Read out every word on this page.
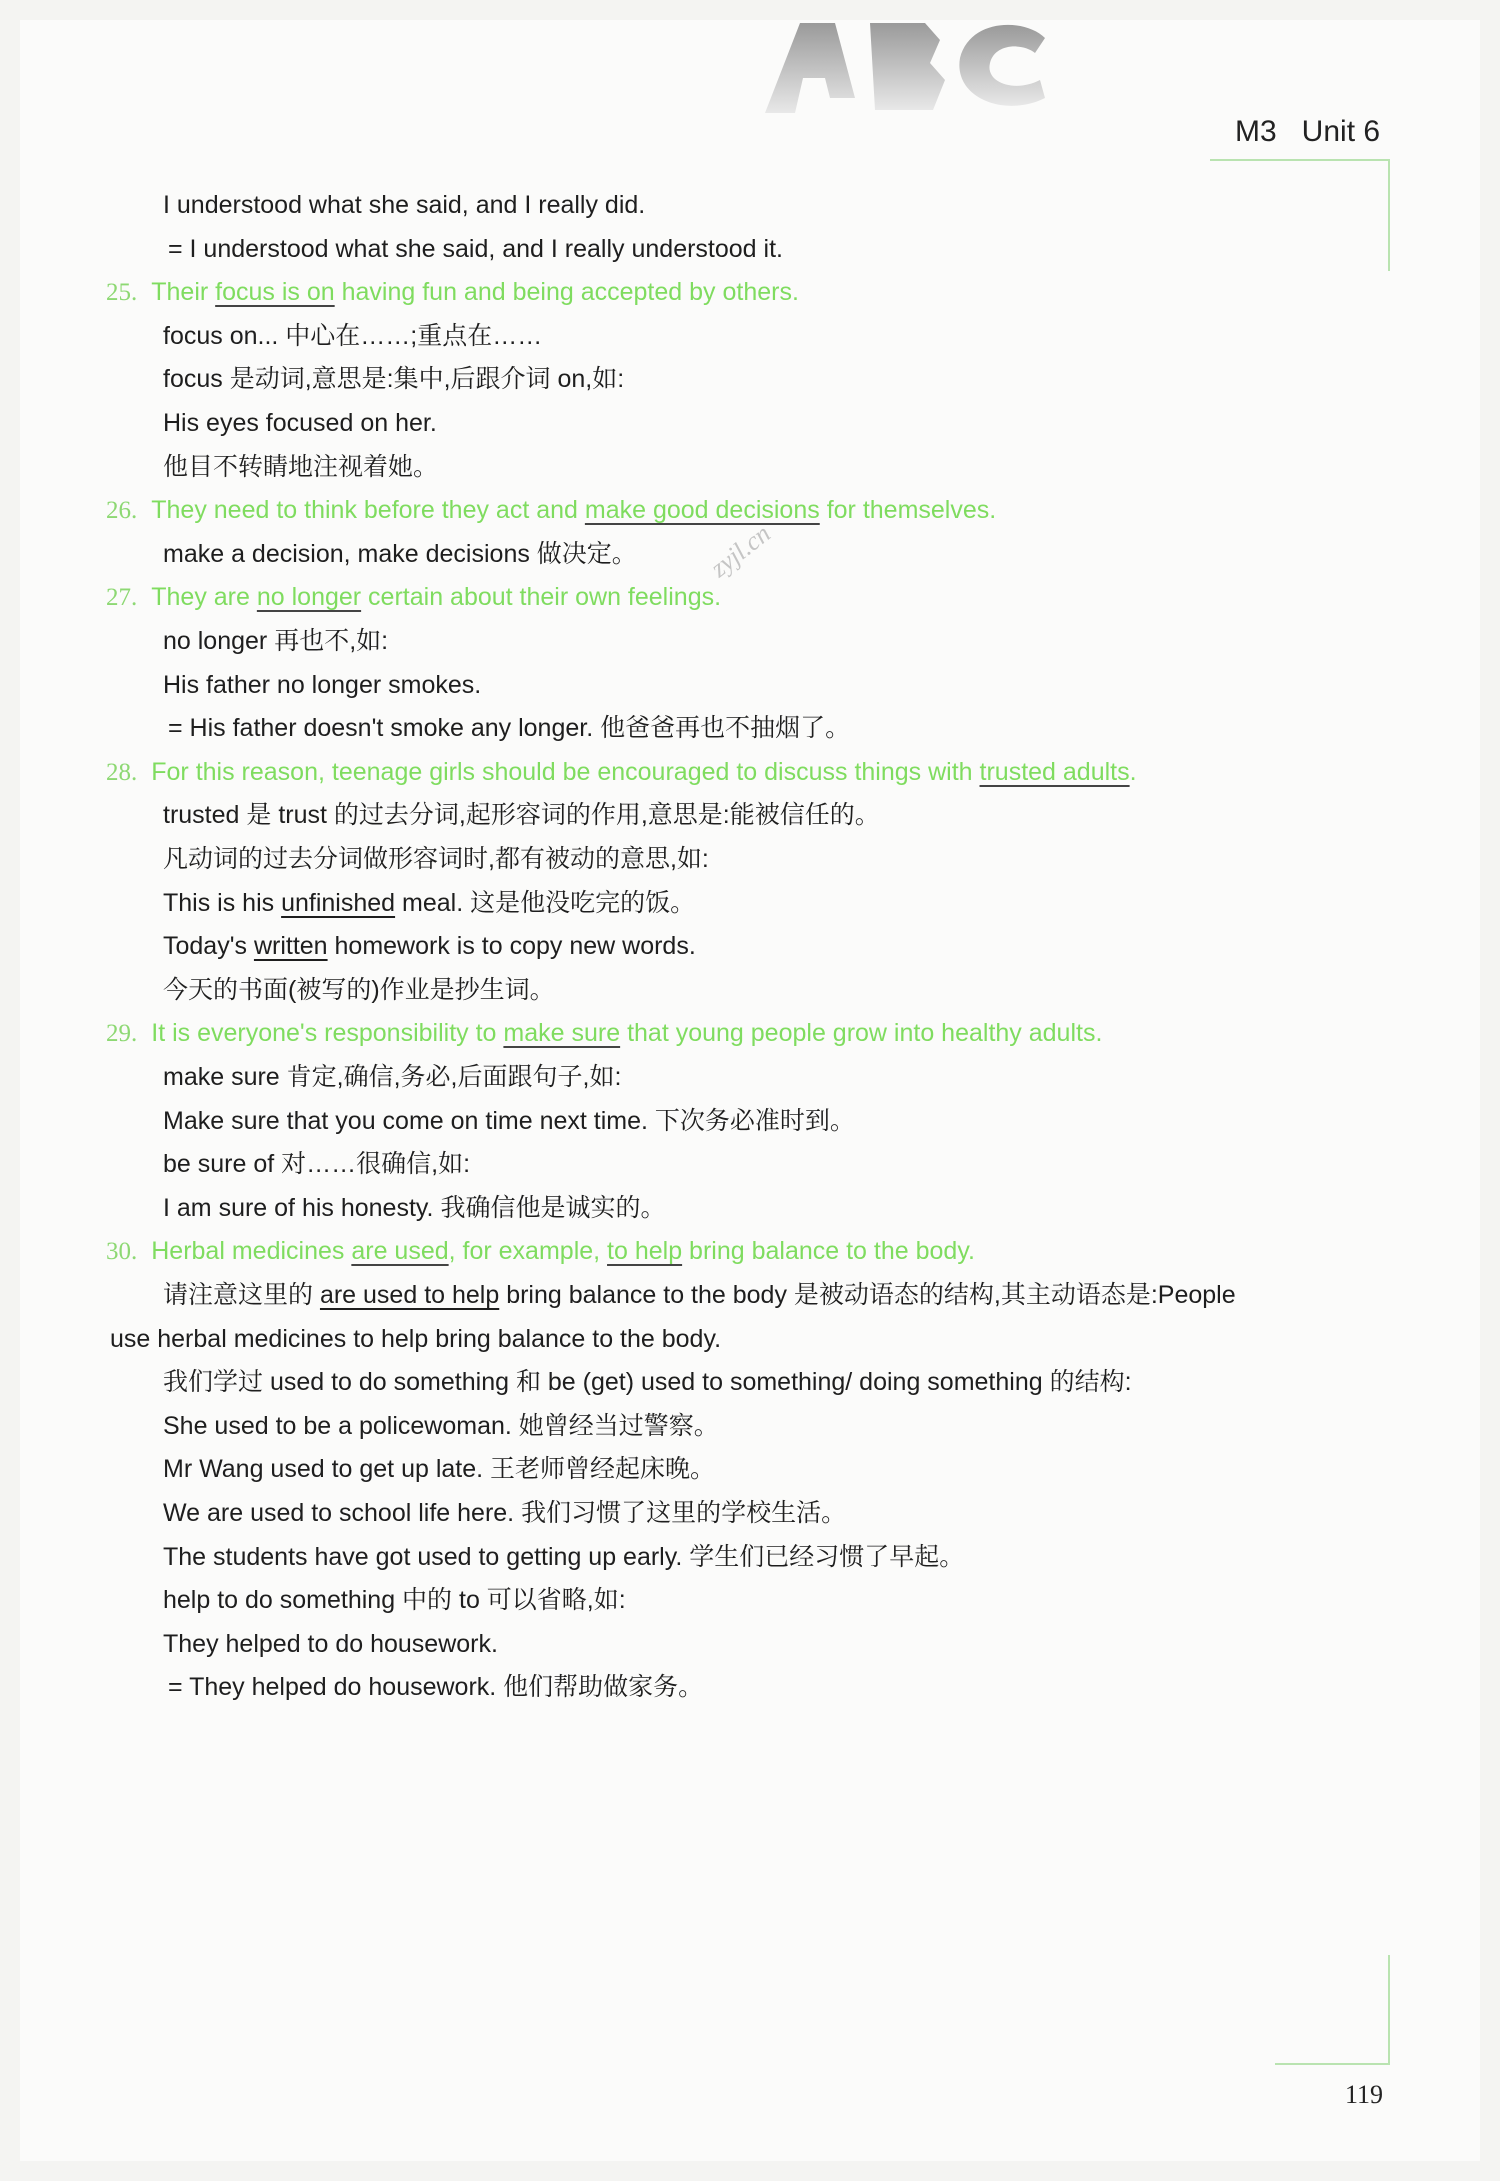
M3   Unit 6
119
zyjl.cn
I understood what she said, and I really did.
= I understood what she said, and I really understood it.
25. Their focus is on having fun and being accepted by others.
focus on... 中心在……;重点在……
focus 是动词,意思是:集中,后跟介词 on,如:
His eyes focused on her.
他目不转睛地注视着她。
26. They need to think before they act and make good decisions for themselves.
make a decision, make decisions 做决定。
27. They are no longer certain about their own feelings.
no longer 再也不,如:
His father no longer smokes.
= His father doesn't smoke any longer. 他爸爸再也不抽烟了。
28. For this reason, teenage girls should be encouraged to discuss things with trusted adults.
trusted 是 trust 的过去分词,起形容词的作用,意思是:能被信任的。
凡动词的过去分词做形容词时,都有被动的意思,如:
This is his unfinished meal. 这是他没吃完的饭。
Today's written homework is to copy new words.
今天的书面(被写的)作业是抄生词。
29. It is everyone's responsibility to make sure that young people grow into healthy adults.
make sure 肯定,确信,务必,后面跟句子,如:
Make sure that you come on time next time. 下次务必准时到。
be sure of 对……很确信,如:
I am sure of his honesty. 我确信他是诚实的。
30. Herbal medicines are used, for example, to help bring balance to the body.
请注意这里的 are used to help bring balance to the body 是被动语态的结构,其主动语态是:People
use herbal medicines to help bring balance to the body.
我们学过 used to do something 和 be (get) used to something/ doing something 的结构:
She used to be a policewoman. 她曾经当过警察。
Mr Wang used to get up late. 王老师曾经起床晚。
We are used to school life here. 我们习惯了这里的学校生活。
The students have got used to getting up early. 学生们已经习惯了早起。
help to do something 中的 to 可以省略,如:
They helped to do housework.
= They helped do housework. 他们帮助做家务。
